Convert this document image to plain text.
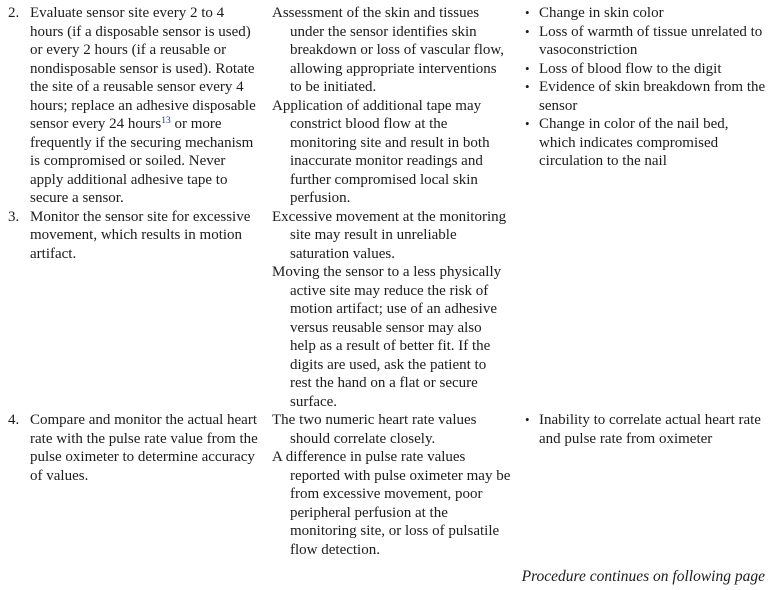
2. Evaluate sensor site every 2 to 4 hours (if a disposable sensor is used) or every 2 hours (if a reusable or nondisposable sensor is used). Rotate the site of a reusable sensor every 4 hours; replace an adhesive disposable sensor every 24 hours$^{13}$ or more frequently if the securing mechanism is compromised or soiled. Never apply additional adhesive tape to secure a sensor.

Assessment of the skin and tissues under the sensor identifies skin breakdown or loss of vascular flow, allowing appropriate interventions to be initiated.

Application of additional tape may constrict blood flow at the monitoring site and result in both inaccurate monitor readings and further compromised local skin perfusion.

• Change in skin color
• Loss of warmth of tissue unrelated to vasoconstriction
• Loss of blood flow to the digit
• Evidence of skin breakdown from the sensor
• Change in color of the nail bed, which indicates compromised circulation to the nail
3. Monitor the sensor site for excessive movement, which results in motion artifact.

Excessive movement at the monitoring site may result in unreliable saturation values.

Moving the sensor to a less physically active site may reduce the risk of motion artifact; use of an adhesive versus reusable sensor may also help as a result of better fit. If the digits are used, ask the patient to rest the hand on a flat or secure surface.

4. Compare and monitor the actual heart rate with the pulse rate value from the pulse oximeter to determine accuracy of values.

The two numeric heart rate values should correlate closely.

A difference in pulse rate values reported with pulse oximeter may be from excessive movement, poor peripheral perfusion at the monitoring site, or loss of pulsatile flow detection.

• Inability to correlate actual heart rate and pulse rate from oximeter
Procedure continues on following page
